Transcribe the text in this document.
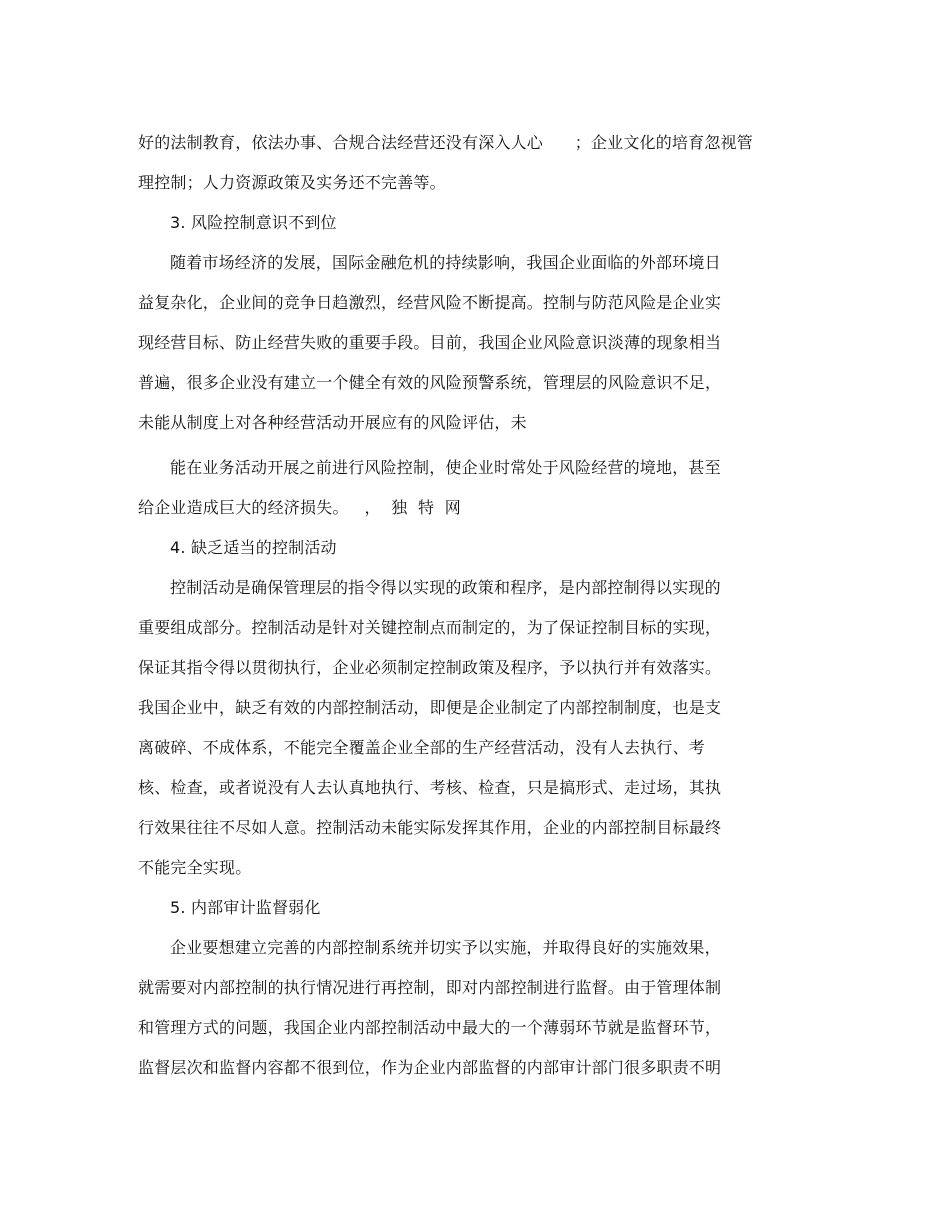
好的法制教育，依法办事、合规合法经营还没有深入人心      ；企业文化的培育忽视管
理控制；人力资源政策及实务还不完善等。
3. 风险控制意识不到位
随着市场经济的发展，国际金融危机的持续影响，我国企业面临的外部环境日
益复杂化，企业间的竞争日趋激烈，经营风险不断提高。控制与防范风险是企业实
现经营目标、防止经营失败的重要手段。目前，我国企业风险意识淡薄的现象相当
普遍，很多企业没有建立一个健全有效的风险预警系统，管理层的风险意识不足，
未能从制度上对各种经营活动开展应有的风险评估，未
能在业务活动开展之前进行风险控制，使企业时常处于风险经营的境地，甚至
给企业造成巨大的经济损失。   ，  独  特  网
4. 缺乏适当的控制活动
控制活动是确保管理层的指令得以实现的政策和程序，是内部控制得以实现的
重要组成部分。控制活动是针对关键控制点而制定的，为了保证控制目标的实现，
保证其指令得以贯彻执行，企业必须制定控制政策及程序，予以执行并有效落实。
我国企业中，缺乏有效的内部控制活动，即便是企业制定了内部控制制度，也是支
离破碎、不成体系，不能完全覆盖企业全部的生产经营活动，没有人去执行、考
核、检查，或者说没有人去认真地执行、考核、检查，只是搞形式、走过场，其执
行效果往往不尽如人意。控制活动未能实际发挥其作用，企业的内部控制目标最终
不能完全实现。
5. 内部审计监督弱化
企业要想建立完善的内部控制系统并切实予以实施，并取得良好的实施效果，
就需要对内部控制的执行情况进行再控制，即对内部控制进行监督。由于管理体制
和管理方式的问题，我国企业内部控制活动中最大的一个薄弱环节就是监督环节，
监督层次和监督内容都不很到位，作为企业内部监督的内部审计部门很多职责不明
